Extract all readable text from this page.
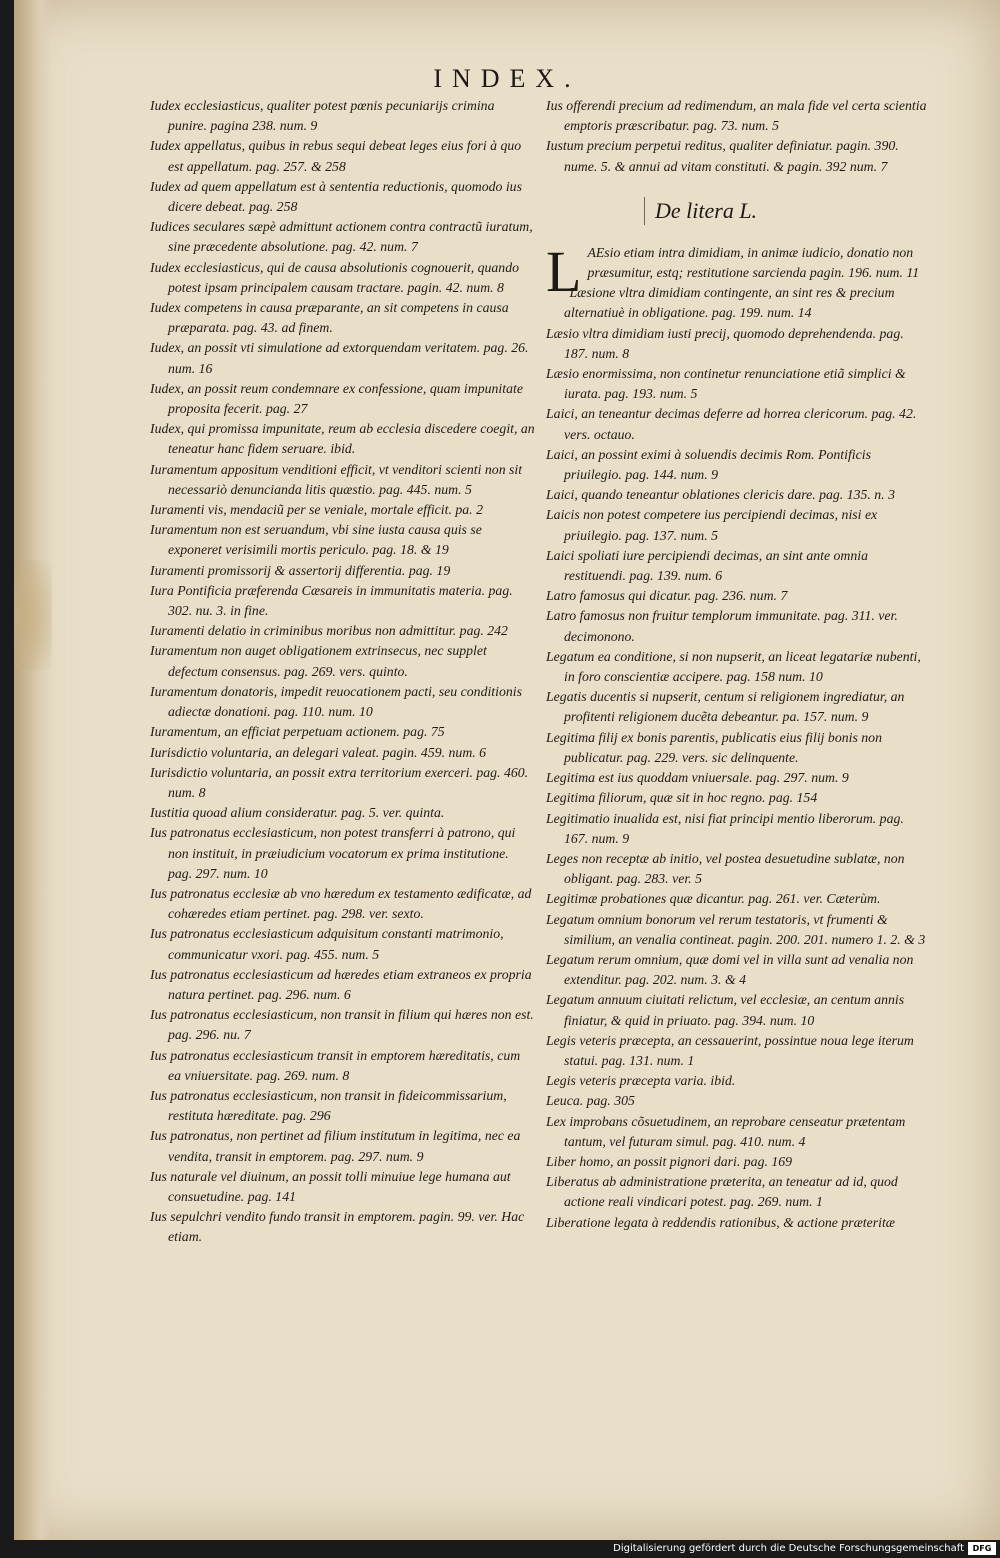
INDEX.

Iudex ecclesiasticus, qualiter potest pœnis pecuniarijs crimina punire. pagina 238. num. 9

Iudex appellatus, quibus in rebus sequi debeat leges eius fori à quo est appellatum. pag. 257. & 258

Iudex ad quem appellatum est à sententia reductionis, quomodo ius dicere debeat. pag. 258

Iudices seculares sæpè admittunt actionem contra contractũ iuratum, sine præcedente absolutione. pag. 42. num. 7

Iudex ecclesiasticus, qui de causa absolutionis cognouerit, quando potest ipsam principalem causam tractare. pagin. 42. num. 8

Iudex competens in causa præparante, an sit competens in causa præparata. pag. 43. ad finem.

Iudex, an possit vti simulatione ad extorquendam veritatem. pag. 26. num. 16

Iudex, an possit reum condemnare ex confessione, quam impunitate proposita fecerit. pag. 27

Iudex, qui promissa impunitate, reum ab ecclesia discedere coegit, an teneatur hanc fidem seruare. ibid.

Iuramentum appositum venditioni efficit, vt venditori scienti non sit necessariò denuncianda litis quæstio. pag. 445. num. 5

Iuramenti vis, mendaciũ per se veniale, mortale efficit. pa. 2

Iuramentum non est seruandum, vbi sine iusta causa quis se exponeret verisimili mortis periculo. pag. 18. & 19

Iuramenti promissorij & assertorij differentia. pag. 19

Iura Pontificia præferenda Cæsareis in immunitatis materia. pag. 302. nu. 3. in fine.

Iuramenti delatio in criminibus moribus non admittitur. pag. 242

Iuramentum non auget obligationem extrinsecus, nec supplet defectum consensus. pag. 269. vers. quinto.

Iuramentum donatoris, impedit reuocationem pacti, seu conditionis adiectæ donationi. pag. 110. num. 10

Iuramentum, an efficiat perpetuam actionem. pag. 75

Iurisdictio voluntaria, an delegari valeat. pagin. 459. num. 6

Iurisdictio voluntaria, an possit extra territorium exerceri. pag. 460. num. 8

Iustitia quoad alium consideratur. pag. 5. ver. quinta.

Ius patronatus ecclesiasticum, non potest transferri à patrono, qui non instituit, in præiudicium vocatorum ex prima institutione. pag. 297. num. 10

Ius patronatus ecclesiæ ab vno hæredum ex testamento ædificatæ, ad cohæredes etiam pertinet. pag. 298. ver. sexto.

Ius patronatus ecclesiasticum adquisitum constanti matrimonio, communicatur vxori. pag. 455. num. 5

Ius patronatus ecclesiasticum ad hæredes etiam extraneos ex propria natura pertinet. pag. 296. num. 6

Ius patronatus ecclesiasticum, non transit in filium qui hæres non est. pag. 296. nu. 7

Ius patronatus ecclesiasticum transit in emptorem hæreditatis, cum ea vniuersitate. pag. 269. num. 8

Ius patronatus ecclesiasticum, non transit in fideicommissarium, restituta hæreditate. pag. 296

Ius patronatus, non pertinet ad filium institutum in legitima, nec ea vendita, transit in emptorem. pag. 297. num. 9

Ius naturale vel diuinum, an possit tolli minuiue lege humana aut consuetudine. pag. 141

Ius sepulchri vendito fundo transit in emptorem. pagin. 99. ver. Hac etiam.

Ius offerendi precium ad redimendum, an mala fide vel certa scientia emptoris præscribatur. pag. 73. num. 5

Iustum precium perpetui reditus, qualiter definiatur. pagin. 390. nume. 5. & annui ad vitam constituti. & pagin. 392 num. 7

De litera L.

L AEsio etiam intra dimidiam, in animæ iudicio, donatio non præsumitur, estq; restitutione sarcienda pagin. 196. num. 11

Læsione vltra dimidiam contingente, an sint res & precium alternatiuè in obligatione. pag. 199. num. 14

Læsio vltra dimidiam iusti precij, quomodo deprehendenda. pag. 187. num. 8

Læsio enormissima, non continetur renunciatione etiã simplici & iurata. pag. 193. num. 5

Laici, an teneantur decimas deferre ad horrea clericorum. pag. 42. vers. octauo.

Laici, an possint eximi à soluendis decimis Rom. Pontificis priuilegio. pag. 144. num. 9

Laici, quando teneantur oblationes clericis dare. pag. 135. n. 3

Laicis non potest competere ius percipiendi decimas, nisi ex priuilegio. pag. 137. num. 5

Laici spoliati iure percipiendi decimas, an sint ante omnia restituendi. pag. 139. num. 6

Latro famosus qui dicatur. pag. 236. num. 7

Latro famosus non fruitur templorum immunitate. pag. 311. ver. decimonono.

Legatum ea conditione, si non nupserit, an liceat legatariæ nubenti, in foro conscientiæ accipere. pag. 158 num. 10

Legatis ducentis si nupserit, centum si religionem ingrediatur, an profitenti religionem ducẽta debeantur. pa. 157. num. 9

Legitima filij ex bonis parentis, publicatis eius filij bonis non publicatur. pag. 229. vers. sic delinquente.

Legitima est ius quoddam vniuersale. pag. 297. num. 9

Legitima filiorum, quæ sit in hoc regno. pag. 154

Legitimatio inualida est, nisi fiat principi mentio liberorum. pag. 167. num. 9

Leges non receptæ ab initio, vel postea desuetudine sublatæ, non obligant. pag. 283. ver. 5

Legitimæ probationes quæ dicantur. pag. 261. ver. Cæterùm.

Legatum omnium bonorum vel rerum testatoris, vt frumenti & similium, an venalia contineat. pagin. 200. 201. numero 1. 2. & 3

Legatum rerum omnium, quæ domi vel in villa sunt ad venalia non extenditur. pag. 202. num. 3. & 4

Legatum annuum ciuitati relictum, vel ecclesiæ, an centum annis finiatur, & quid in priuato. pag. 394. num. 10

Legis veteris præcepta, an cessauerint, possintue noua lege iterum statui. pag. 131. num. 1

Legis veteris præcepta varia. ibid.

Leuca. pag. 305

Lex improbans cõsuetudinem, an reprobare censeatur prætentam tantum, vel futuram simul. pag. 410. num. 4

Liber homo, an possit pignori dari. pag. 169

Liberatus ab administratione præterita, an teneatur ad id, quod actione reali vindicari potest. pag. 269. num. 1

Liberatione legata à reddendis rationibus, & actione præteritæ

Digitalisierung gefördert durch die Deutsche Forschungsgemeinschaft	DFG
